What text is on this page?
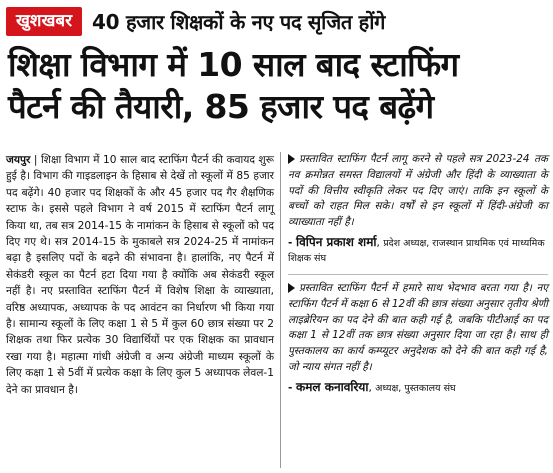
खुशखबर	40 हजार शिक्षकों के नए पद सृजित होंगे
शिक्षा विभाग में 10 साल बाद स्टाफिंग
पैटर्न की तैयारी, 85 हजार पद बढ़ेंगे
जयपुर | शिक्षा विभाग में 10 साल बाद स्टाफिंग पैटर्न की कवायद शुरू हुई है। विभाग की गाइडलाइन के हिसाब से देखें तो स्कूलों में 85 हजार पद बढ़ेंगे। 40 हजार पद शिक्षकों के और 45 हजार पद गैर शैक्षणिक स्टाफ के। इससे पहले विभाग ने वर्ष 2015 में स्टाफिंग पैटर्न लागू किया था, तब सत्र 2014-15 के नामांकन के हिसाब से स्कूलों को पद दिए गए थे। सत्र 2014-15 के मुकाबले सत्र 2024-25 में नामांकन बढ़ा है इसलिए पदों के बढ़ने की संभावना है। हालांकि, नए पैटर्न में सेकंडरी स्कूल का पैटर्न हटा दिया गया है क्योंकि अब सेकंडरी स्कूल नहीं है। नए प्रस्तावित स्टाफिंग पैटर्न में विशेष शिक्षा के व्याख्याता, वरिष्ठ अध्यापक, अध्यापक के पद आवंटन का निर्धारण भी किया गया है। सामान्य स्कूलों के लिए कक्षा 1 से 5 में कुल 60 छात्र संख्या पर 2 शिक्षक तथा फिर प्रत्येक 30 विद्यार्थियों पर एक शिक्षक का प्रावधान रखा गया है। महात्मा गांधी अंग्रेजी व अन्य अंग्रेजी माध्यम स्कूलों के लिए कक्षा 1 से 5वीं में प्रत्येक कक्षा के लिए कुल 5 अध्यापक लेवल-1 देने का प्रावधान है।
प्रस्तावित स्टाफिंग पैटर्न लागू करने से पहले सत्र 2023-24 तक नव क्रमोन्नत समस्त विद्यालयों में अंग्रेजी और हिंदी के व्याख्याता के पदों की वित्तीय स्वीकृति लेकर पद दिए जाएं। ताकि इन स्कूलों के बच्चों को राहत मिल सके। वर्षों से इन स्कूलों में हिंदी-अंग्रेजी का व्याख्याता नहीं है।
- विपिन प्रकाश शर्मा, प्रदेश अध्यक्ष, राजस्थान प्राथमिक एवं माध्यमिक शिक्षक संघ
प्रस्तावित स्टाफिंग पैटर्न में हमारे साथ भेदभाव बरता गया है। नए स्टाफिंग पैटर्न में कक्षा 6 से 12वीं की छात्र संख्या अनुसार तृतीय श्रेणी लाइब्रेरियन का पद देने की बात कही गई है, जबकि पीटीआई का पद कक्षा 1 से 12वीं तक छात्र संख्या अनुसार दिया जा रहा है। साथ ही पुस्तकालय का कार्य कम्प्यूटर अनुदेशक को देने की बात कही गई है, जो न्याय संगत नहीं है।
- कमल कनावरिया, अध्यक्ष, पुस्तकालय संघ
